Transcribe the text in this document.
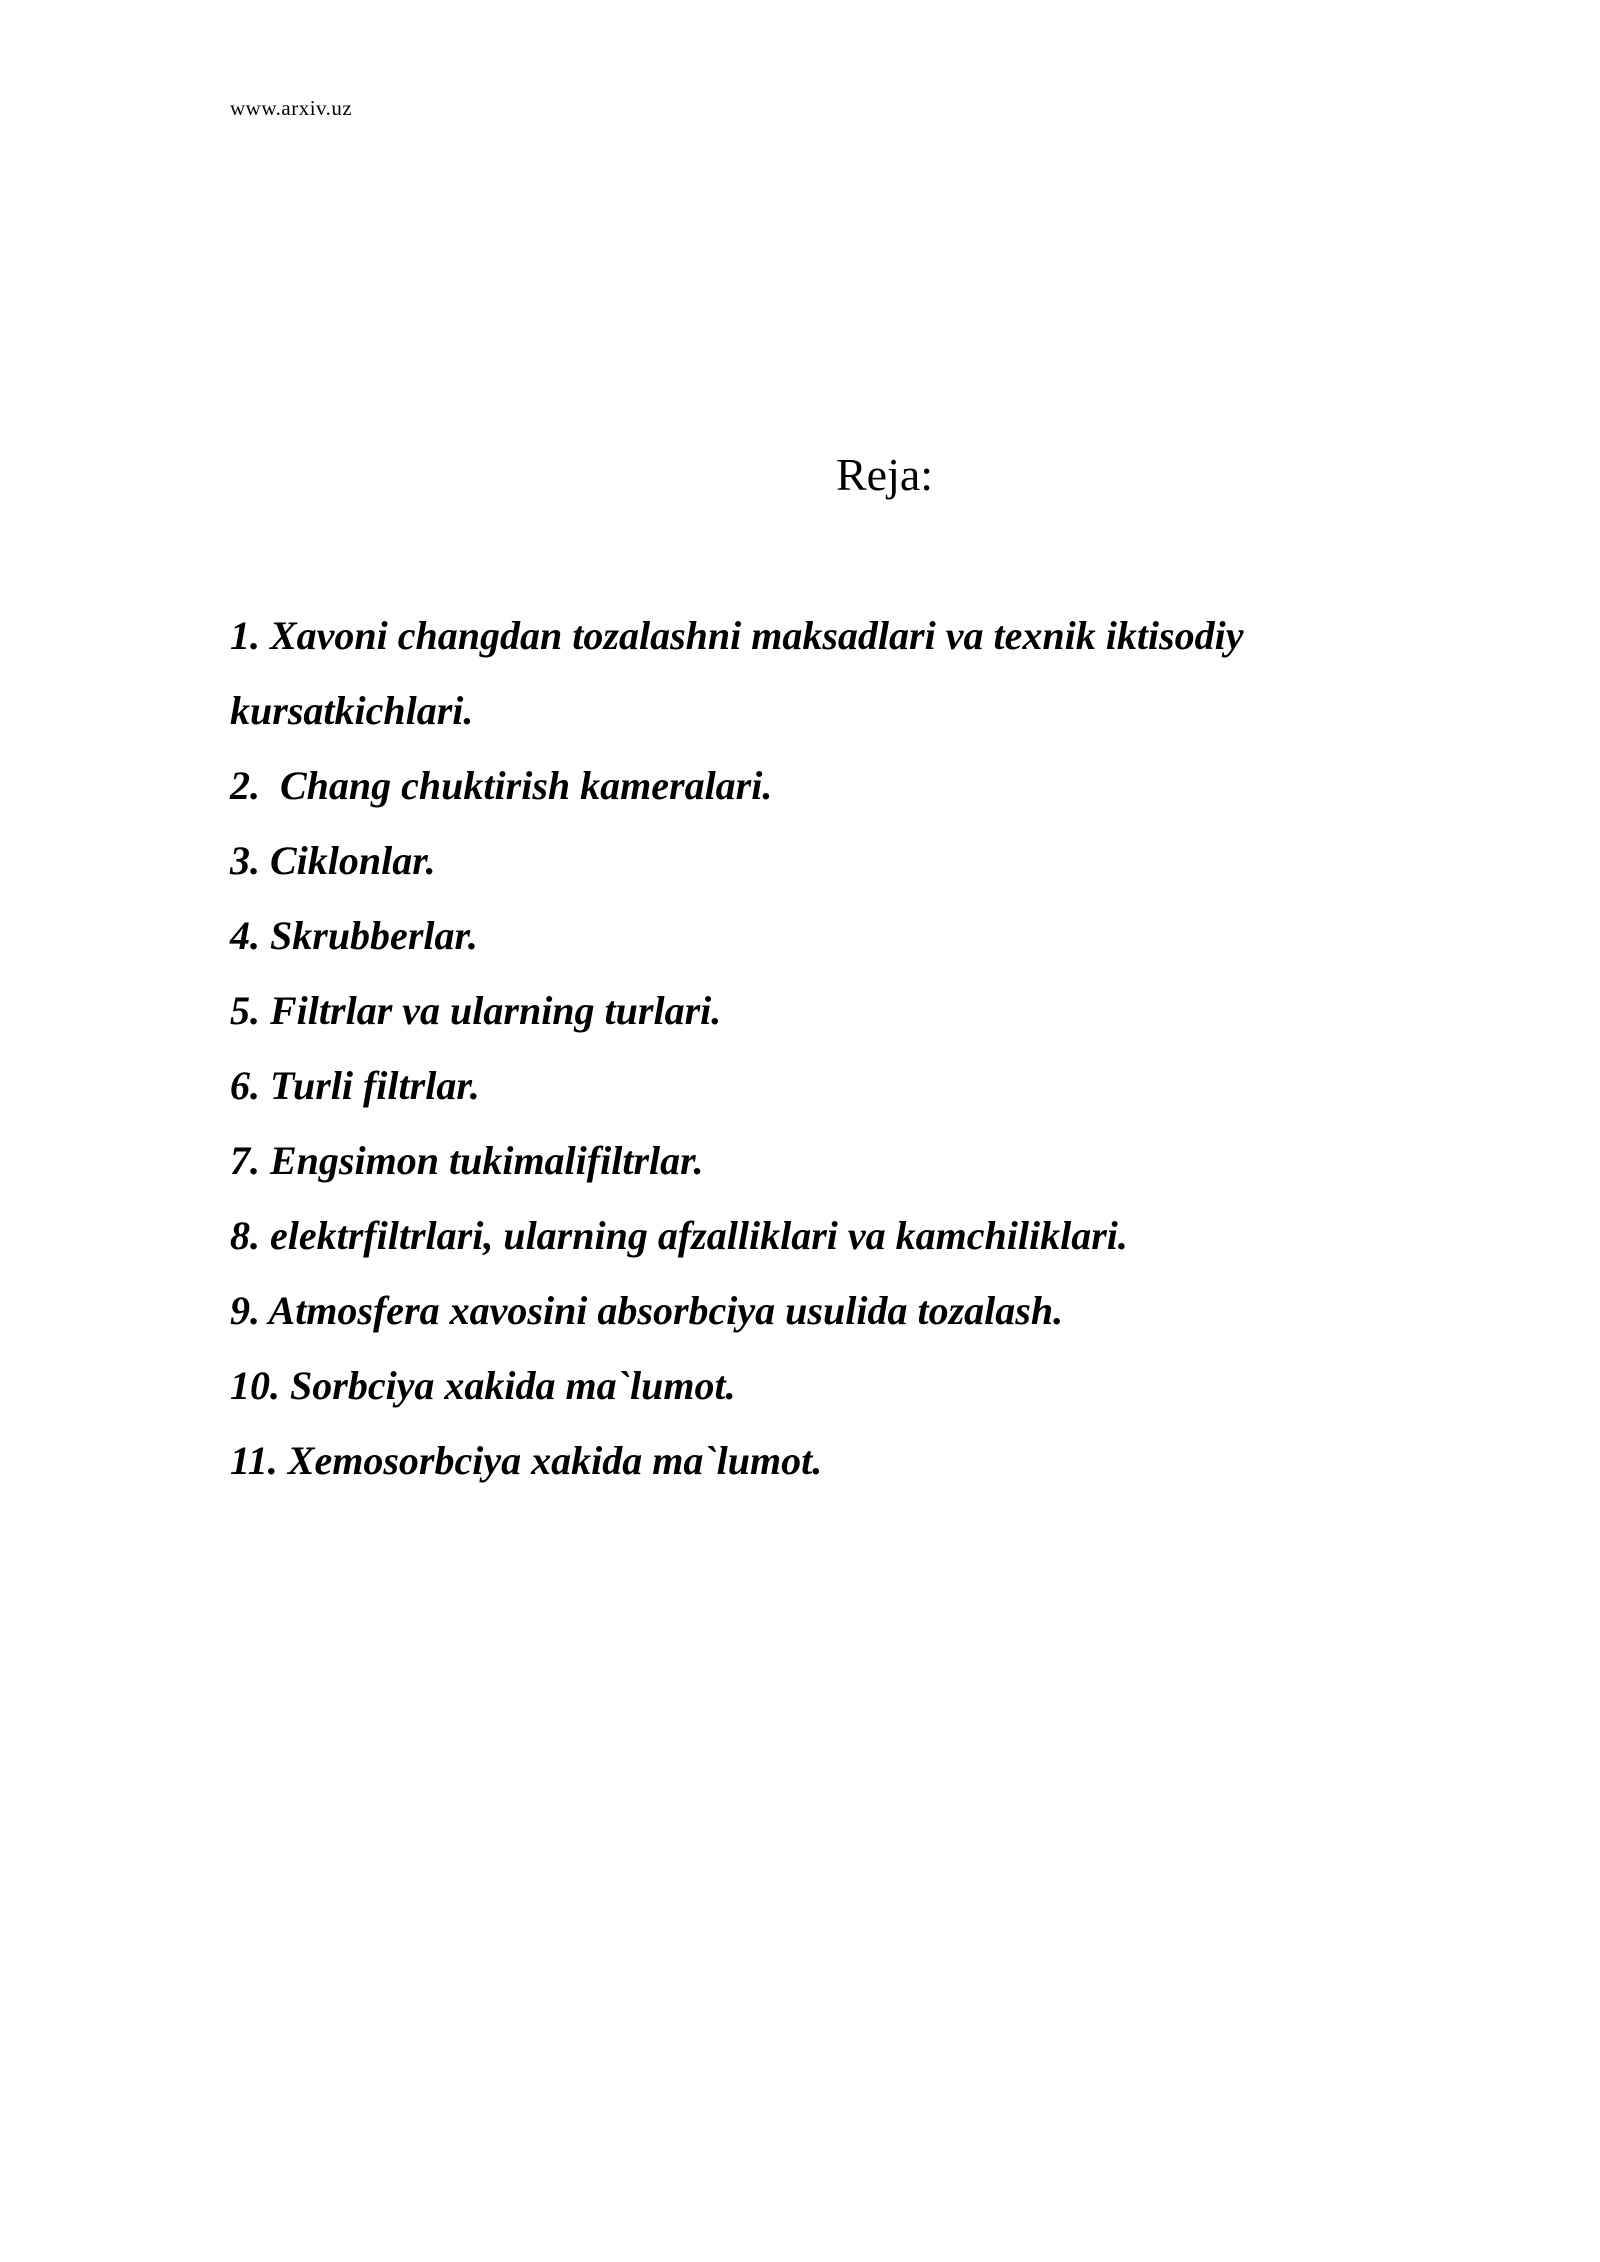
www.arxiv.uz
Reja:
1. Xavoni changdan tozalashni maksadlari va texnik iktisodiy
kursatkichlari.
2.  Chang chuktirish kameralari.
3. Ciklonlar.
4. Skrubberlar.
5. Filtrlar va ularning turlari.
6. Turli filtrlar.
7. Engsimon tukimalifiltrlar.
8. elektrfiltrlari, ularning afzalliklari va kamchiliklari.
9. Atmosfera xavosini absorbciya usulida tozalash.
10. Sorbciya xakida ma`lumot.
11. Xemosorbciya xakida ma`lumot.
